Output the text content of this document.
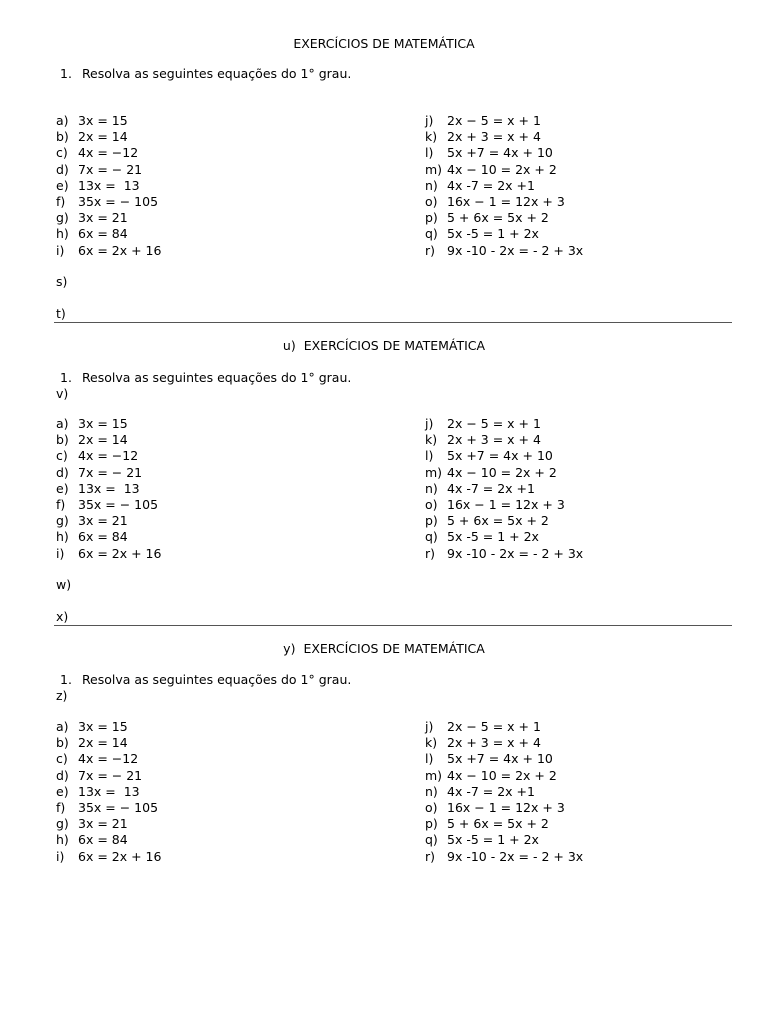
EXERCÍCIOS DE MATEMÁTICA
1. Resolva as seguintes equações do 1° grau.
a) 3x = 15
b) 2x = 14
c) 4x = −12
d) 7x = − 21
e) 13x =  13
f) 35x = − 105
g) 3x = 21
h) 6x = 84
i) 6x = 2x + 16
j) 2x − 5 = x + 1
k) 2x + 3 = x + 4
l) 5x +7 = 4x + 10
m) 4x − 10 = 2x + 2
n) 4x -7 = 2x +1
o) 16x − 1 = 12x + 3
p) 5 + 6x = 5x + 2
q) 5x -5 = 1 + 2x
r) 9x -10 - 2x = - 2 + 3x
s)
t)
u) EXERCÍCIOS DE MATEMÁTICA
1. Resolva as seguintes equações do 1° grau.
v)
a) 3x = 15
b) 2x = 14
c) 4x = −12
d) 7x = − 21
e) 13x =  13
f) 35x = − 105
g) 3x = 21
h) 6x = 84
i) 6x = 2x + 16
j) 2x − 5 = x + 1
k) 2x + 3 = x + 4
l) 5x +7 = 4x + 10
m) 4x − 10 = 2x + 2
n) 4x -7 = 2x +1
o) 16x − 1 = 12x + 3
p) 5 + 6x = 5x + 2
q) 5x -5 = 1 + 2x
r) 9x -10 - 2x = - 2 + 3x
w)
x)
y) EXERCÍCIOS DE MATEMÁTICA
1. Resolva as seguintes equações do 1° grau.
z)
a) 3x = 15
b) 2x = 14
c) 4x = −12
d) 7x = − 21
e) 13x =  13
f) 35x = − 105
g) 3x = 21
h) 6x = 84
i) 6x = 2x + 16
j) 2x − 5 = x + 1
k) 2x + 3 = x + 4
l) 5x +7 = 4x + 10
m) 4x − 10 = 2x + 2
n) 4x -7 = 2x +1
o) 16x − 1 = 12x + 3
p) 5 + 6x = 5x + 2
q) 5x -5 = 1 + 2x
r) 9x -10 - 2x = - 2 + 3x
